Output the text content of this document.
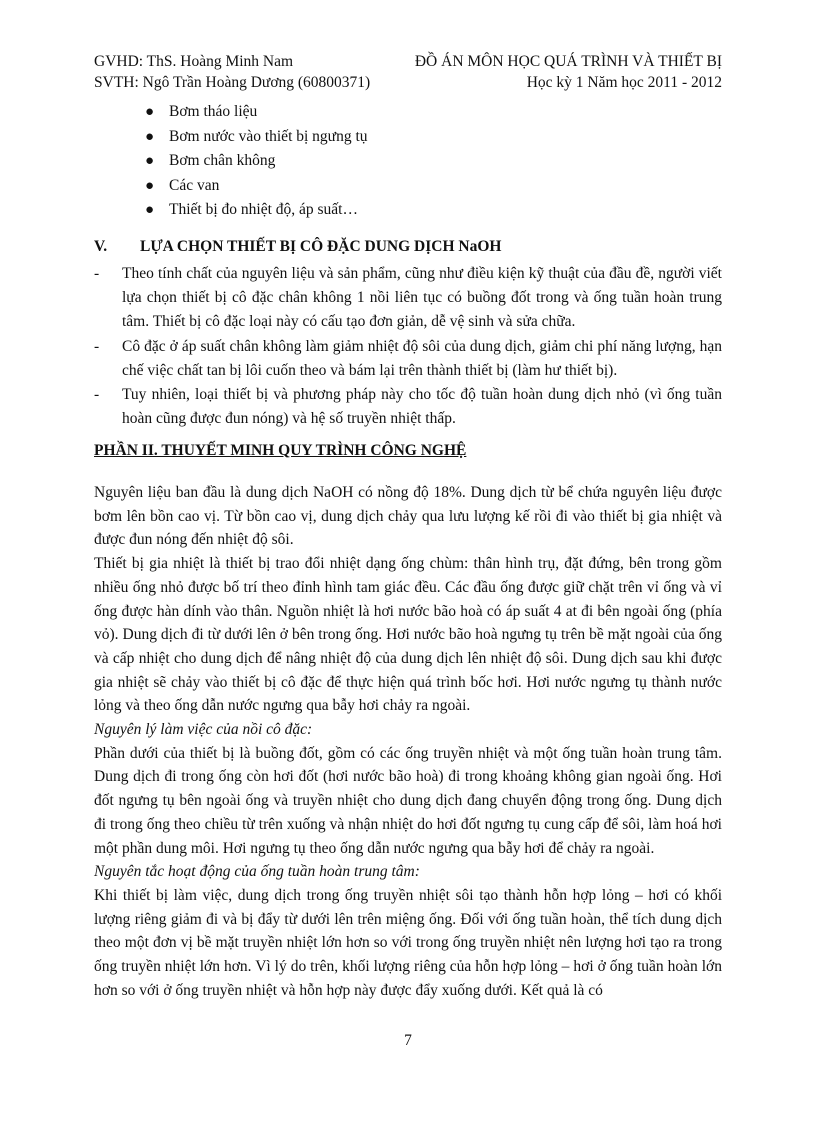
GVHD: ThS. Hoàng Minh Nam	ĐỒ ÁN MÔN HỌC QUÁ TRÌNH VÀ THIẾT BỊ
SVTH: Ngô Trần Hoàng Dương (60800371)	Học kỳ 1 Năm học 2011 - 2012
● Bơm tháo liệu
● Bơm nước vào thiết bị ngưng tụ
● Bơm chân không
● Các van
● Thiết bị đo nhiệt độ, áp suất…
V. LỰA CHỌN THIẾT BỊ CÔ ĐẶC DUNG DỊCH NaOH
- Theo tính chất của nguyên liệu và sản phẩm, cũng như điều kiện kỹ thuật của đầu đề, người viết lựa chọn thiết bị cô đặc chân không 1 nồi liên tục có buồng đốt trong và ống tuần hoàn trung tâm. Thiết bị cô đặc loại này có cấu tạo đơn giản, dễ vệ sinh và sửa chữa.
- Cô đặc ở áp suất chân không làm giảm nhiệt độ sôi của dung dịch, giảm chi phí năng lượng, hạn chế việc chất tan bị lôi cuốn theo và bám lại trên thành thiết bị (làm hư thiết bị).
- Tuy nhiên, loại thiết bị và phương pháp này cho tốc độ tuần hoàn dung dịch nhỏ (vì ống tuần hoàn cũng được đun nóng) và hệ số truyền nhiệt thấp.
PHẦN II. THUYẾT MINH QUY TRÌNH CÔNG NGHỆ

Nguyên liệu ban đầu là dung dịch NaOH có nồng độ 18%. Dung dịch từ bể chứa nguyên liệu được bơm lên bồn cao vị. Từ bồn cao vị, dung dịch chảy qua lưu lượng kế rồi đi vào thiết bị gia nhiệt và được đun nóng đến nhiệt độ sôi.

Thiết bị gia nhiệt là thiết bị trao đổi nhiệt dạng ống chùm: thân hình trụ, đặt đứng, bên trong gồm nhiều ống nhỏ được bố trí theo đỉnh hình tam giác đều. Các đầu ống được giữ chặt trên vỉ ống và vỉ ống được hàn dính vào thân. Nguồn nhiệt là hơi nước bão hoà có áp suất 4 at đi bên ngoài ống (phía vỏ). Dung dịch đi từ dưới lên ở bên trong ống. Hơi nước bão hoà ngưng tụ trên bề mặt ngoài của ống và cấp nhiệt cho dung dịch để nâng nhiệt độ của dung dịch lên nhiệt độ sôi. Dung dịch sau khi được gia nhiệt sẽ chảy vào thiết bị cô đặc để thực hiện quá trình bốc hơi. Hơi nước ngưng tụ thành nước lỏng và theo ống dẫn nước ngưng qua bẫy hơi chảy ra ngoài.

Nguyên lý làm việc của nồi cô đặc:

Phần dưới của thiết bị là buồng đốt, gồm có các ống truyền nhiệt và một ống tuần hoàn trung tâm. Dung dịch đi trong ống còn hơi đốt (hơi nước bão hoà) đi trong khoảng không gian ngoài ống. Hơi đốt ngưng tụ bên ngoài ống và truyền nhiệt cho dung dịch đang chuyển động trong ống. Dung dịch đi trong ống theo chiều từ trên xuống và nhận nhiệt do hơi đốt ngưng tụ cung cấp để sôi, làm hoá hơi một phần dung môi. Hơi ngưng tụ theo ống dẫn nước ngưng qua bẫy hơi để chảy ra ngoài.

Nguyên tắc hoạt động của ống tuần hoàn trung tâm:

Khi thiết bị làm việc, dung dịch trong ống truyền nhiệt sôi tạo thành hỗn hợp lỏng – hơi có khối lượng riêng giảm đi và bị đẩy từ dưới lên trên miệng ống. Đối với ống tuần hoàn, thể tích dung dịch theo một đơn vị bề mặt truyền nhiệt lớn hơn so với trong ống truyền nhiệt nên lượng hơi tạo ra trong ống truyền nhiệt lớn hơn. Vì lý do trên, khối lượng riêng của hỗn hợp lỏng – hơi ở ống tuần hoàn lớn hơn so với ở ống truyền nhiệt và hỗn hợp này được đẩy xuống dưới. Kết quả là có

7
